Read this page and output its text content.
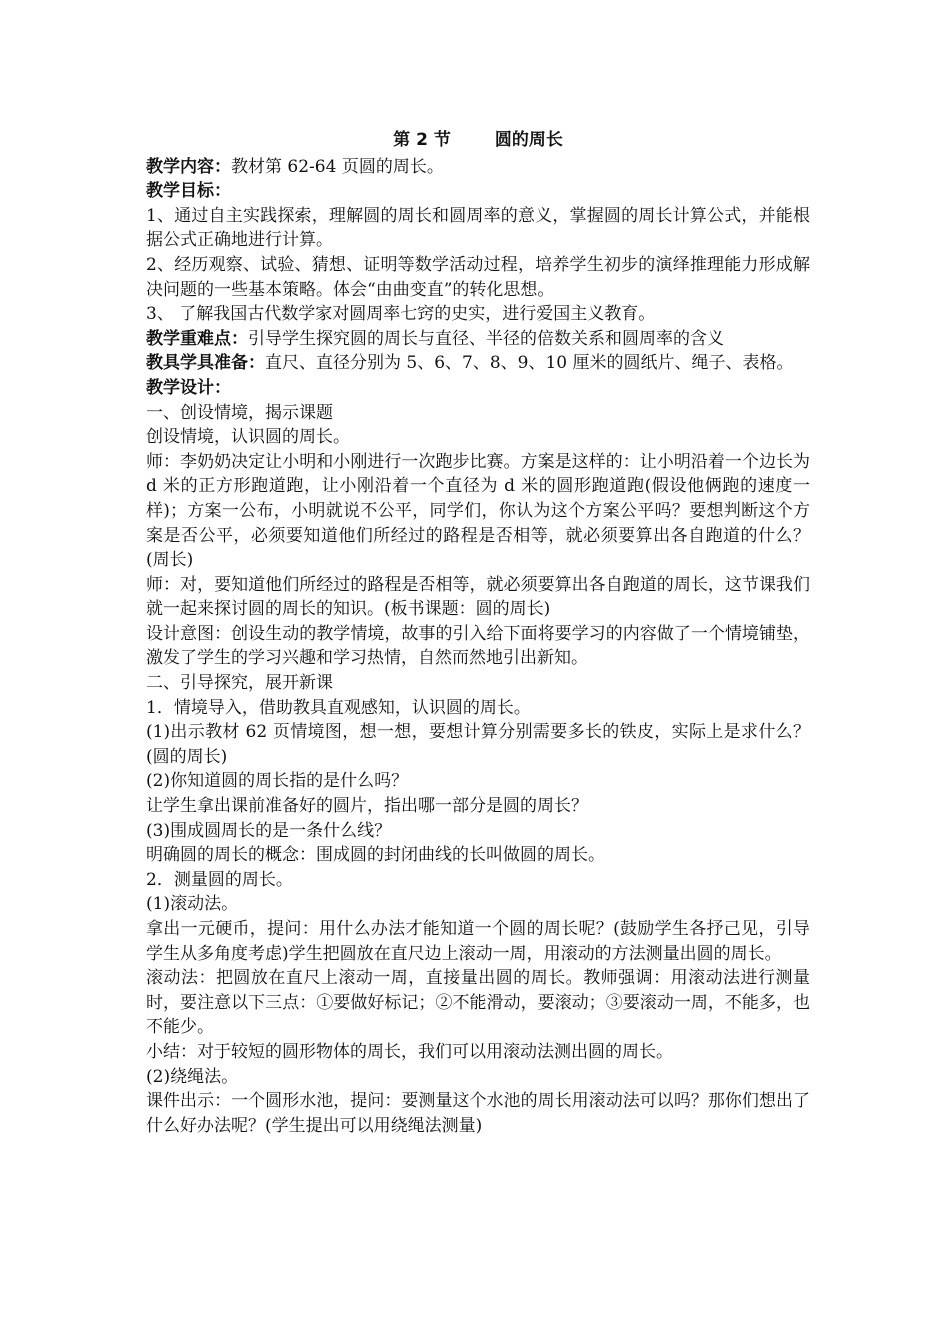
第 2 节	圆的周长

教学内容：教材第 62-64 页圆的周长。

教学目标：

1、通过自主实践探索，理解圆的周长和圆周率的意义，掌握圆的周长计算公式，并能根据公式正确地进行计算。

2、经历观察、试验、猜想、证明等数学活动过程，培养学生初步的演绎推理能力形成解决问题的一些基本策略。体会“由曲变直”的转化思想。

3、 了解我国古代数学家对圆周率七窍的史实，进行爱国主义教育。

教学重难点：引导学生探究圆的周长与直径、半径的倍数关系和圆周率的含义

教具学具准备：直尺、直径分别为 5、6、7、8、9、10 厘米的圆纸片、绳子、表格。

教学设计：

一、创设情境，揭示课题

创设情境，认识圆的周长。

师：李奶奶决定让小明和小刚进行一次跑步比赛。方案是这样的：让小明沿着一个边长为 d 米的正方形跑道跑，让小刚沿着一个直径为 d 米的圆形跑道跑(假设他俩跑的速度一样)；方案一公布，小明就说不公平，同学们，你认为这个方案公平吗？要想判断这个方案是否公平，必须要知道他们所经过的路程是否相等，就必须要算出各自跑道的什么？(周长)

师：对，要知道他们所经过的路程是否相等，就必须要算出各自跑道的周长，这节课我们就一起来探讨圆的周长的知识。(板书课题：圆的周长)

设计意图：创设生动的教学情境，故事的引入给下面将要学习的内容做了一个情境铺垫，激发了学生的学习兴趣和学习热情，自然而然地引出新知。

二、引导探究，展开新课

1．情境导入，借助教具直观感知，认识圆的周长。

(1)出示教材 62 页情境图，想一想，要想计算分别需要多长的铁皮，实际上是求什么？(圆的周长)

(2)你知道圆的周长指的是什么吗？

让学生拿出课前准备好的圆片，指出哪一部分是圆的周长？

(3)围成圆周长的是一条什么线？

明确圆的周长的概念：围成圆的封闭曲线的长叫做圆的周长。

2．测量圆的周长。

(1)滚动法。

拿出一元硬币，提问：用什么办法才能知道一个圆的周长呢？(鼓励学生各抒己见，引导学生从多角度考虑)学生把圆放在直尺边上滚动一周，用滚动的方法测量出圆的周长。

滚动法：把圆放在直尺上滚动一周，直接量出圆的周长。教师强调：用滚动法进行测量时，要注意以下三点：①要做好标记；②不能滑动，要滚动；③要滚动一周，不能多，也不能少。

小结：对于较短的圆形物体的周长，我们可以用滚动法测出圆的周长。

(2)绕绳法。

课件出示：一个圆形水池，提问：要测量这个水池的周长用滚动法可以吗？那你们想出了什么好办法呢？(学生提出可以用绕绳法测量)
